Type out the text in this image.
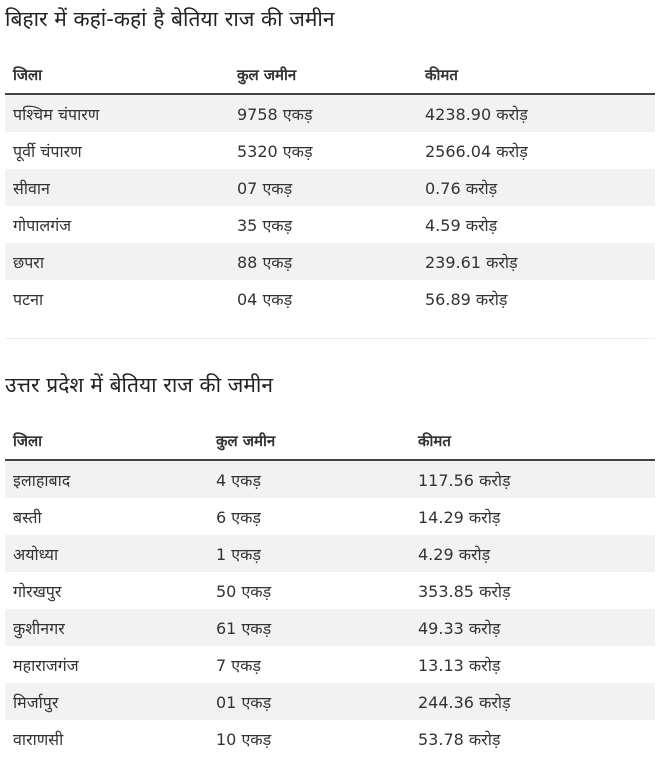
बिहार में कहां-कहां है बेतिया राज की जमीन
जिला	कुल जमीन	कीमत
पश्चिम चंपारण	9758 एकड़	4238.90 करोड़
पूर्वी चंपारण	5320 एकड़	2566.04 करोड़
सीवान	07 एकड़	0.76 करोड़
गोपालगंज	35 एकड़	4.59 करोड़
छपरा	88 एकड़	239.61 करोड़
पटना	04 एकड़	56.89 करोड़
उत्तर प्रदेश में बेतिया राज की जमीन
जिला	कुल जमीन	कीमत
इलाहाबाद	4 एकड़	117.56 करोड़
बस्ती	6 एकड़	14.29 करोड़
अयोध्या	1 एकड़	4.29 करोड़
गोरखपुर	50 एकड़	353.85 करोड़
कुशीनगर	61 एकड़	49.33 करोड़
महाराजगंज	7 एकड़	13.13 करोड़
मिर्जापुर	01 एकड़	244.36 करोड़
वाराणसी	10 एकड़	53.78 करोड़
